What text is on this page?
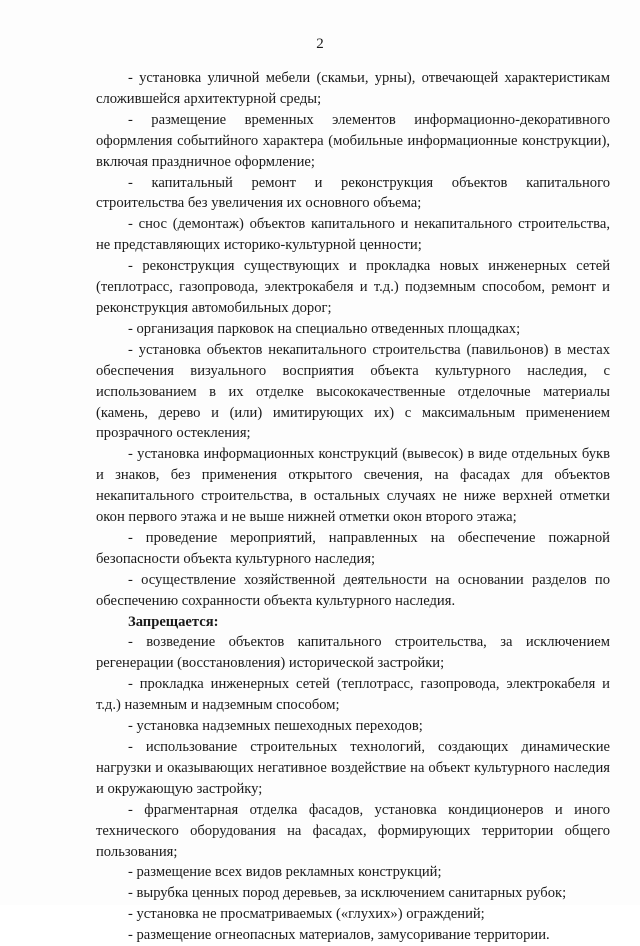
2

- установка уличной мебели (скамьи, урны), отвечающей характеристикам сложившейся архитектурной среды;

- размещение временных элементов информационно-декоративного оформления событийного характера (мобильные информационные конструкции), включая праздничное оформление;

- капитальный ремонт и реконструкция объектов капитального строительства без увеличения их основного объема;

- снос (демонтаж) объектов капитального и некапитального строительства, не представляющих историко-культурной ценности;

- реконструкция существующих и прокладка новых инженерных сетей (теплотрасс, газопровода, электрокабеля и т.д.) подземным способом, ремонт и реконструкция автомобильных дорог;

- организация парковок на специально отведенных площадках;

- установка объектов некапитального строительства (павильонов) в местах обеспечения визуального восприятия объекта культурного наследия, с использованием в их отделке высококачественные отделочные материалы (камень, дерево и (или) имитирующих их) с максимальным применением прозрачного остекления;

- установка информационных конструкций (вывесок) в виде отдельных букв и знаков, без применения открытого свечения, на фасадах для объектов некапитального строительства, в остальных случаях не ниже верхней отметки окон первого этажа и не выше нижней отметки окон второго этажа;

- проведение мероприятий, направленных на обеспечение пожарной безопасности объекта культурного наследия;

- осуществление хозяйственной деятельности на основании разделов по обеспечению сохранности объекта культурного наследия.

Запрещается:

- возведение объектов капитального строительства, за исключением регенерации (восстановления) исторической застройки;

- прокладка инженерных сетей (теплотрасс, газопровода, электрокабеля и т.д.) наземным и надземным способом;

- установка надземных пешеходных переходов;

- использование строительных технологий, создающих динамические нагрузки и оказывающих негативное воздействие на объект культурного наследия и окружающую застройку;

- фрагментарная отделка фасадов, установка кондиционеров и иного технического оборудования на фасадах, формирующих территории общего пользования;

- размещение всех видов рекламных конструкций;

- вырубка ценных пород деревьев, за исключением санитарных рубок;

- установка не просматриваемых («глухих») ограждений;

- размещение огнеопасных материалов, замусоривание территории.
